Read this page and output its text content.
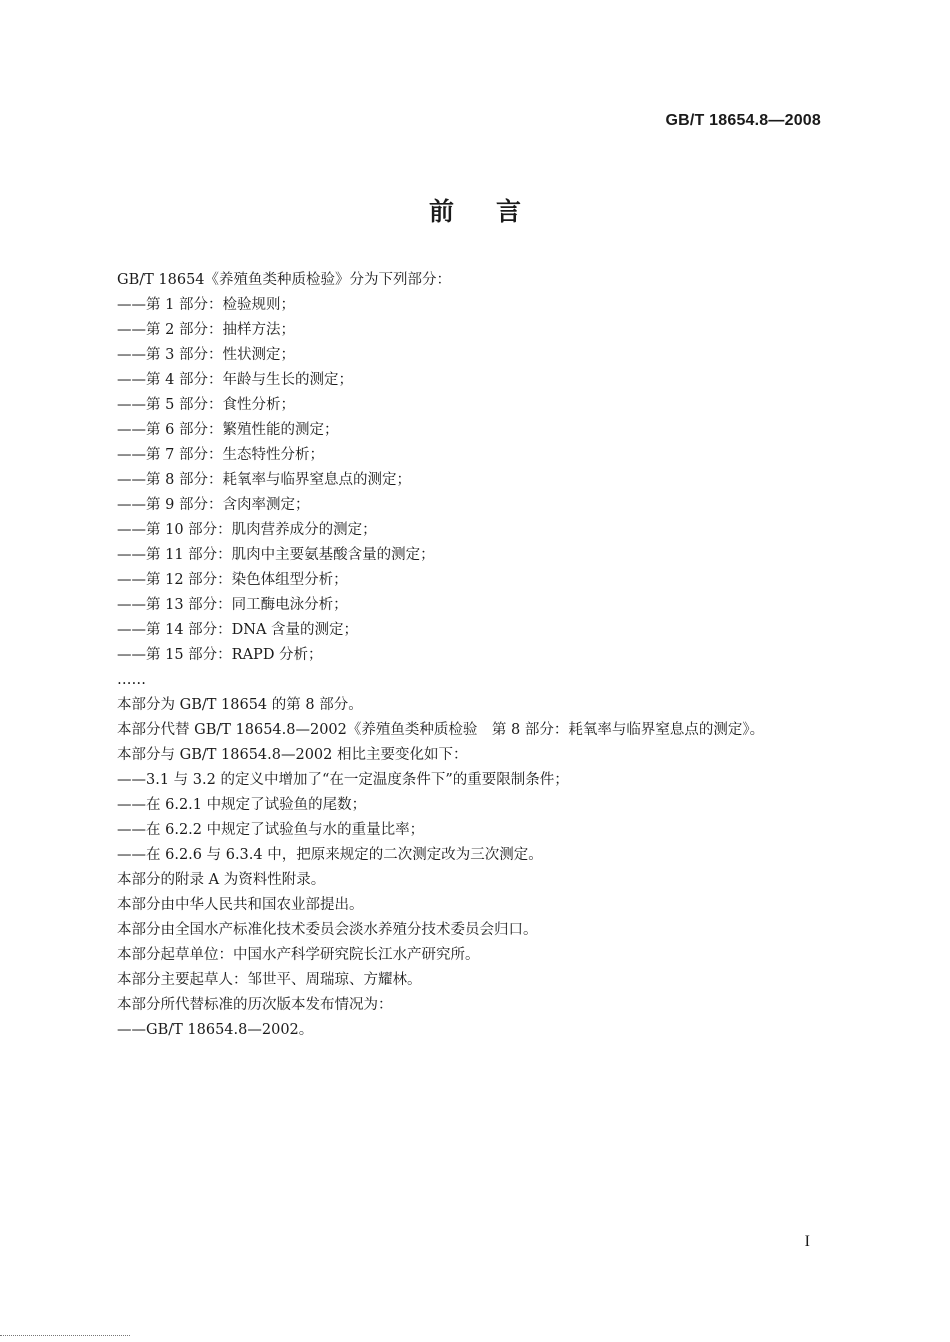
GB/T 18654.8—2008
前言
GB/T 18654《养殖鱼类种质检验》分为下列部分：
——第 1 部分：检验规则；
——第 2 部分：抽样方法；
——第 3 部分：性状测定；
——第 4 部分：年龄与生长的测定；
——第 5 部分：食性分析；
——第 6 部分：繁殖性能的测定；
——第 7 部分：生态特性分析；
——第 8 部分：耗氧率与临界窒息点的测定；
——第 9 部分：含肉率测定；
——第 10 部分：肌肉营养成分的测定；
——第 11 部分：肌肉中主要氨基酸含量的测定；
——第 12 部分：染色体组型分析；
——第 13 部分：同工酶电泳分析；
——第 14 部分：DNA 含量的测定；
——第 15 部分：RAPD 分析；
……
本部分为 GB/T 18654 的第 8 部分。
本部分代替 GB/T 18654.8—2002《养殖鱼类种质检验　第 8 部分：耗氧率与临界窒息点的测定》。
本部分与 GB/T 18654.8—2002 相比主要变化如下：
——3.1 与 3.2 的定义中增加了“在一定温度条件下”的重要限制条件；
——在 6.2.1 中规定了试验鱼的尾数；
——在 6.2.2 中规定了试验鱼与水的重量比率；
——在 6.2.6 与 6.3.4 中，把原来规定的二次测定改为三次测定。
本部分的附录 A 为资料性附录。
本部分由中华人民共和国农业部提出。
本部分由全国水产标准化技术委员会淡水养殖分技术委员会归口。
本部分起草单位：中国水产科学研究院长江水产研究所。
本部分主要起草人：邹世平、周瑞琼、方耀林。
本部分所代替标准的历次版本发布情况为：
——GB/T 18654.8—2002。
I
